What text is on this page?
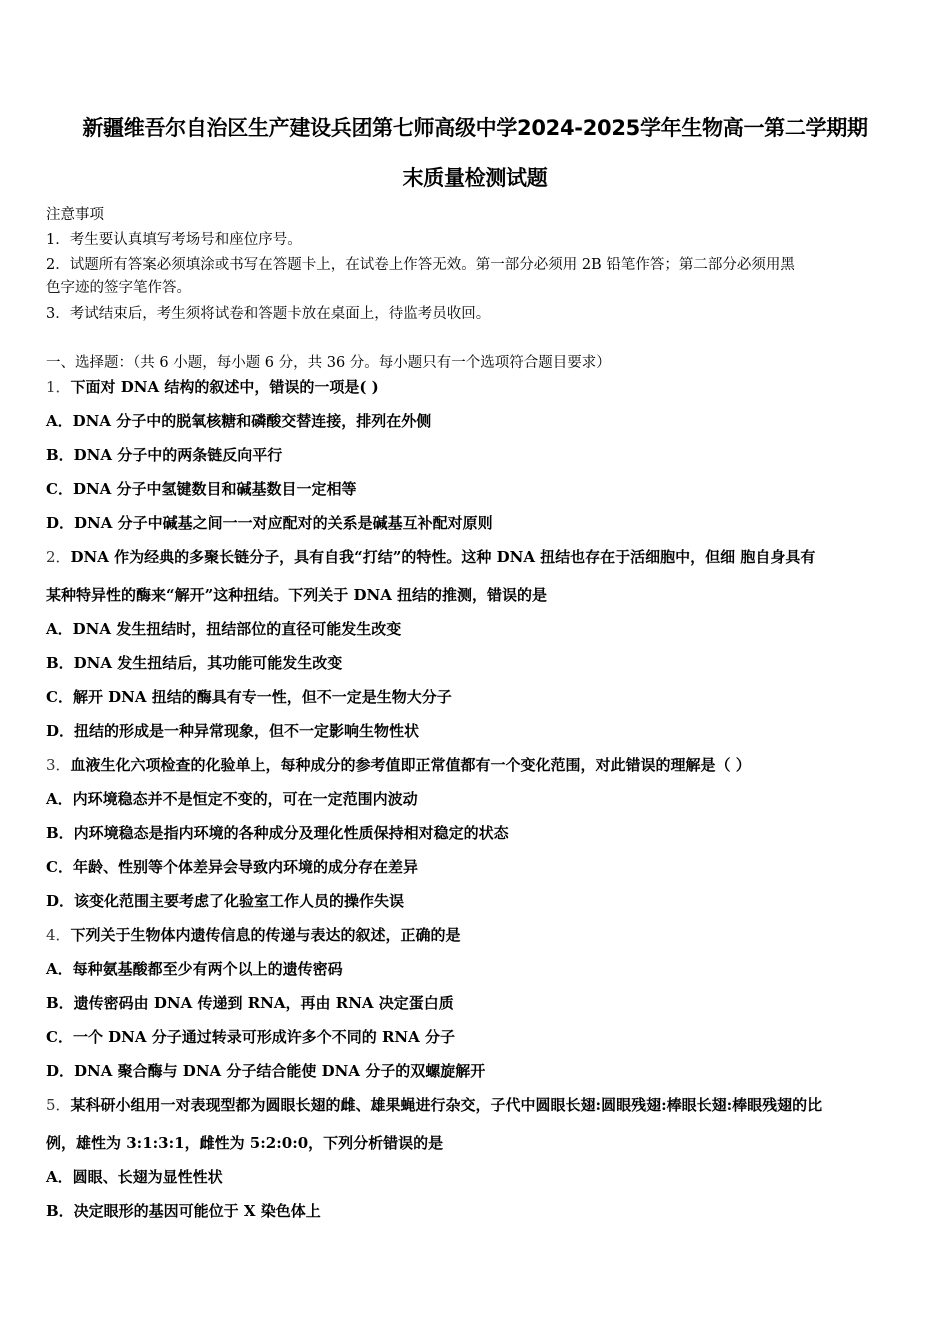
新疆维吾尔自治区生产建设兵团第七师高级中学2024-2025学年生物高一第二学期期
末质量检测试题
注意事项
1．考生要认真填写考场号和座位序号。
2．试题所有答案必须填涂或书写在答题卡上，在试卷上作答无效。第一部分必须用 2B 铅笔作答；第二部分必须用黑
色字迹的签字笔作答。
3．考试结束后，考生须将试卷和答题卡放在桌面上，待监考员收回。
一、选择题：（共 6 小题，每小题 6 分，共 36 分。每小题只有一个选项符合题目要求）
1．下面对 DNA 结构的叙述中，错误的一项是( )
A．DNA 分子中的脱氧核糖和磷酸交替连接，排列在外侧
B．DNA 分子中的两条链反向平行
C．DNA 分子中氢键数目和碱基数目一定相等
D．DNA 分子中碱基之间一一对应配对的关系是碱基互补配对原则
2．DNA 作为经典的多聚长链分子，具有自我“打结”的特性。这种 DNA 扭结也存在于活细胞中，但细 胞自身具有
某种特异性的酶来“解开”这种扭结。下列关于 DNA 扭结的推测，错误的是
A．DNA 发生扭结时，扭结部位的直径可能发生改变
B．DNA 发生扭结后，其功能可能发生改变
C．解开 DNA 扭结的酶具有专一性，但不一定是生物大分子
D．扭结的形成是一种异常现象，但不一定影响生物性状
3．血液生化六项检查的化验单上，每种成分的参考值即正常值都有一个变化范围，对此错误的理解是（ ）
A．内环境稳态并不是恒定不变的，可在一定范围内波动
B．内环境稳态是指内环境的各种成分及理化性质保持相对稳定的状态
C．年龄、性别等个体差异会导致内环境的成分存在差异
D．该变化范围主要考虑了化验室工作人员的操作失误
4．下列关于生物体内遗传信息的传递与表达的叙述，正确的是
A．每种氨基酸都至少有两个以上的遗传密码
B．遗传密码由 DNA 传递到 RNA，再由 RNA 决定蛋白质
C．一个 DNA 分子通过转录可形成许多个不同的 RNA 分子
D．DNA 聚合酶与 DNA 分子结合能使 DNA 分子的双螺旋解开
5．某科研小组用一对表现型都为圆眼长翅的雌、雄果蝇进行杂交，子代中圆眼长翅:圆眼残翅:棒眼长翅:棒眼残翅的比
例，雄性为 3:1:3:1，雌性为 5:2:0:0，下列分析错误的是
A．圆眼、长翅为显性性状
B．决定眼形的基因可能位于 X 染色体上
